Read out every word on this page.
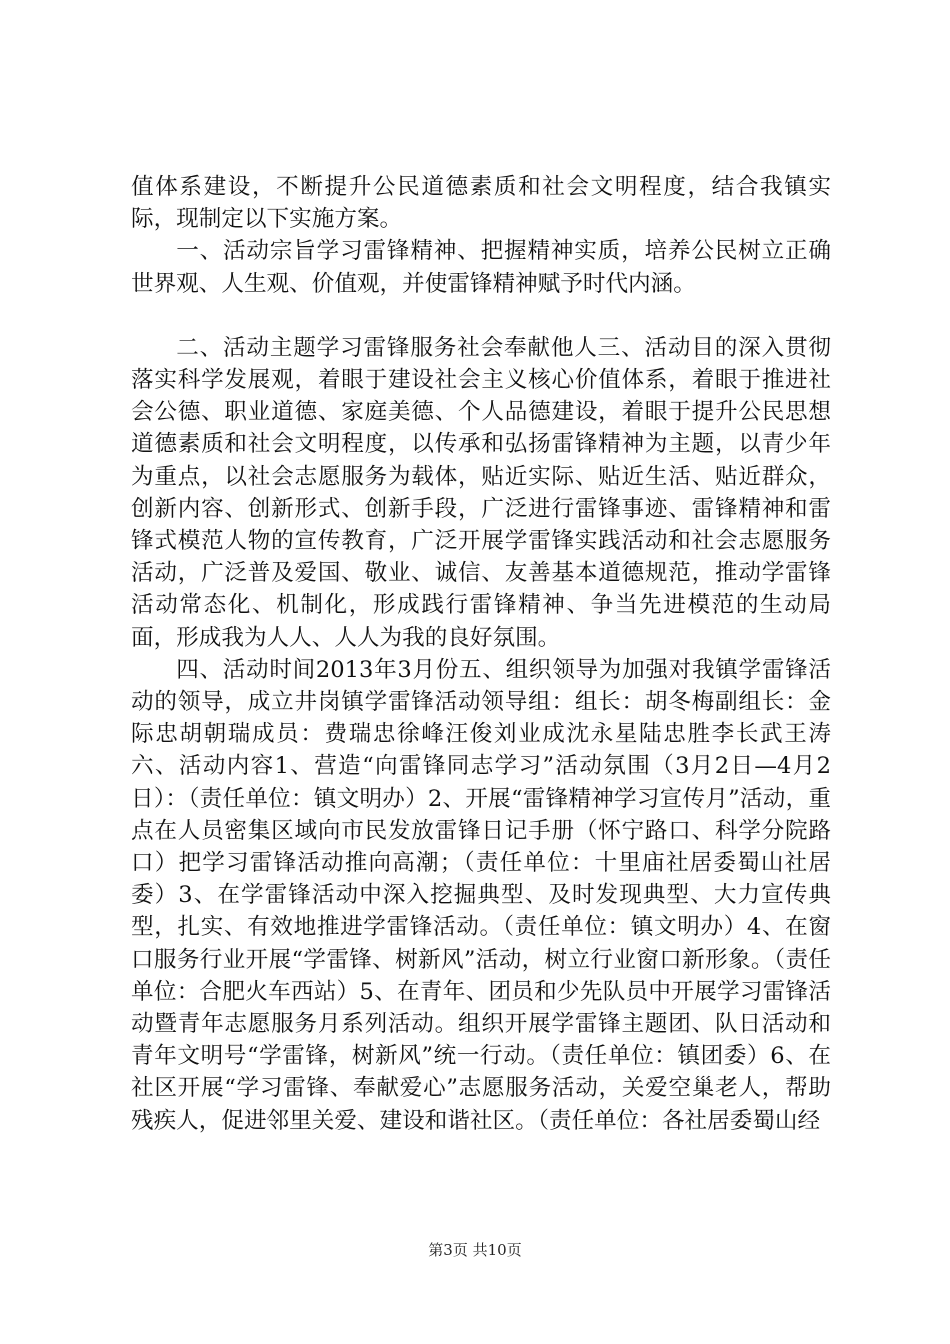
值体系建设，不断提升公民道德素质和社会文明程度，结合我镇实际，现制定以下实施方案。

一、活动宗旨学习雷锋精神、把握精神实质，培养公民树立正确世界观、人生观、价值观，并使雷锋精神赋予时代内涵。

二、活动主题学习雷锋服务社会奉献他人三、活动目的深入贯彻落实科学发展观，着眼于建设社会主义核心价值体系，着眼于推进社会公德、职业道德、家庭美德、个人品德建设，着眼于提升公民思想道德素质和社会文明程度，以传承和弘扬雷锋精神为主题，以青少年为重点，以社会志愿服务为载体，贴近实际、贴近生活、贴近群众，创新内容、创新形式、创新手段，广泛进行雷锋事迹、雷锋精神和雷锋式模范人物的宣传教育，广泛开展学雷锋实践活动和社会志愿服务活动，广泛普及爱国、敬业、诚信、友善基本道德规范，推动学雷锋活动常态化、机制化，形成践行雷锋精神、争当先进模范的生动局面，形成我为人人、人人为我的良好氛围。

四、活动时间2013年3月份五、组织领导为加强对我镇学雷锋活动的领导，成立井岗镇学雷锋活动领导组：组长：胡冬梅副组长：金际忠胡朝瑞成员：费瑞忠徐峰汪俊刘业成沈永星陆忠胜李长武王涛六、活动内容1、营造“向雷锋同志学习”活动氛围（3月2日—4月2日）：（责任单位：镇文明办）2、开展“雷锋精神学习宣传月”活动，重点在人员密集区域向市民发放雷锋日记手册（怀宁路口、科学分院路口）把学习雷锋活动推向高潮；（责任单位：十里庙社居委蜀山社居委）3、在学雷锋活动中深入挖掘典型、及时发现典型、大力宣传典型，扎实、有效地推进学雷锋活动。（责任单位：镇文明办）4、在窗口服务行业开展“学雷锋、树新风”活动，树立行业窗口新形象。（责任单位：合肥火车西站）5、在青年、团员和少先队员中开展学习雷锋活动暨青年志愿服务月系列活动。组织开展学雷锋主题团、队日活动和青年文明号“学雷锋，树新风”统一行动。（责任单位：镇团委）6、在社区开展“学习雷锋、奉献爱心”志愿服务活动，关爱空巢老人，帮助残疾人，促进邻里关爱、建设和谐社区。（责任单位：各社居委蜀山经

第3页 共10页
